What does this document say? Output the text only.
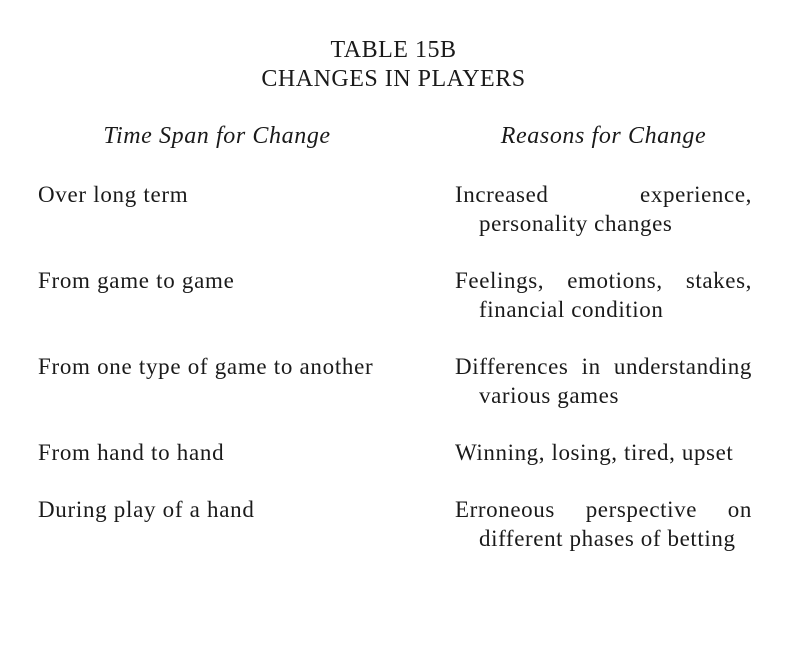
TABLE 15B
CHANGES IN PLAYERS
Time Span for Change	Reasons for Change
Over long term	Increased experience, personality changes
From game to game	Feelings, emotions, stakes, financial condition
From one type of game to another	Differences in understanding various games
From hand to hand	Winning, losing, tired, upset
During play of a hand	Erroneous perspective on different phases of betting
